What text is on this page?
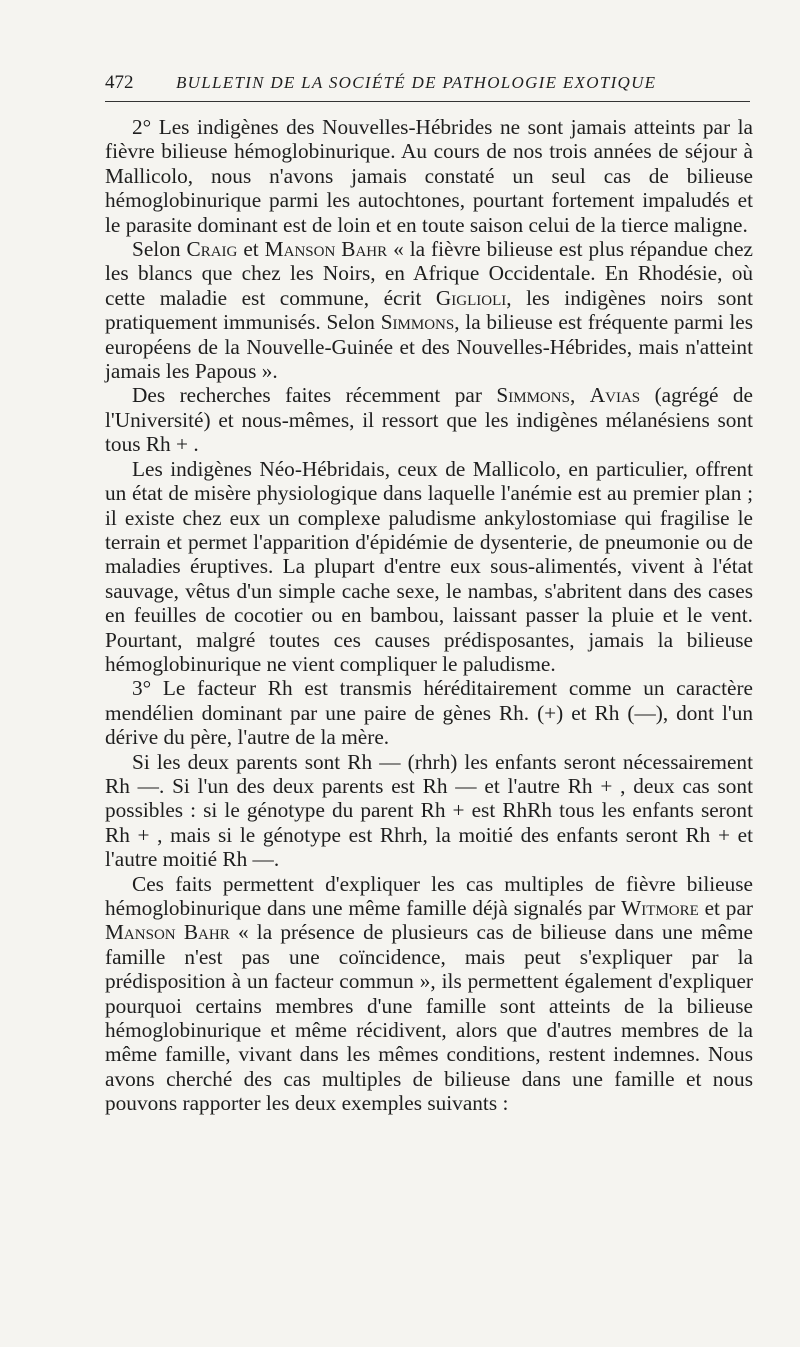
472	BULLETIN DE LA SOCIÉTÉ DE PATHOLOGIE EXOTIQUE

2° Les indigènes des Nouvelles-Hébrides ne sont jamais atteints par la fièvre bilieuse hémoglobinurique. Au cours de nos trois années de séjour à Mallicolo, nous n'avons jamais constaté un seul cas de bilieuse hémoglobinurique parmi les autochtones, pourtant fortement impaludés et le parasite dominant est de loin et en toute saison celui de la tierce maligne.

Selon Craig et Manson Bahr « la fièvre bilieuse est plus répandue chez les blancs que chez les Noirs, en Afrique Occidentale. En Rhodésie, où cette maladie est commune, écrit Giglioli, les indigènes noirs sont pratiquement immunisés. Selon Simmons, la bilieuse est fréquente parmi les européens de la Nouvelle-Guinée et des Nouvelles-Hébrides, mais n'atteint jamais les Papous ».

Des recherches faites récemment par Simmons, Avias (agrégé de l'Université) et nous-mêmes, il ressort que les indigènes mélanésiens sont tous Rh + .

Les indigènes Néo-Hébridais, ceux de Mallicolo, en particulier, offrent un état de misère physiologique dans laquelle l'anémie est au premier plan ; il existe chez eux un complexe paludisme ankylostomiase qui fragilise le terrain et permet l'apparition d'épidémie de dysenterie, de pneumonie ou de maladies éruptives. La plupart d'entre eux sous-alimentés, vivent à l'état sauvage, vêtus d'un simple cache sexe, le nambas, s'abritent dans des cases en feuilles de cocotier ou en bambou, laissant passer la pluie et le vent. Pourtant, malgré toutes ces causes prédisposantes, jamais la bilieuse hémoglobinurique ne vient compliquer le paludisme.

3° Le facteur Rh est transmis héréditairement comme un caractère mendélien dominant par une paire de gènes Rh. (+) et Rh (—), dont l'un dérive du père, l'autre de la mère.

Si les deux parents sont Rh — (rhrh) les enfants seront nécessairement Rh —. Si l'un des deux parents est Rh — et l'autre Rh + , deux cas sont possibles : si le génotype du parent Rh + est RhRh tous les enfants seront Rh + , mais si le génotype est Rhrh, la moitié des enfants seront Rh + et l'autre moitié Rh —.

Ces faits permettent d'expliquer les cas multiples de fièvre bilieuse hémoglobinurique dans une même famille déjà signalés par Witmore et par Manson Bahr « la présence de plusieurs cas de bilieuse dans une même famille n'est pas une coïncidence, mais peut s'expliquer par la prédisposition à un facteur commun », ils permettent également d'expliquer pourquoi certains membres d'une famille sont atteints de la bilieuse hémoglobinurique et même récidivent, alors que d'autres membres de la même famille, vivant dans les mêmes conditions, restent indemnes. Nous avons cherché des cas multiples de bilieuse dans une famille et nous pouvons rapporter les deux exemples suivants :
